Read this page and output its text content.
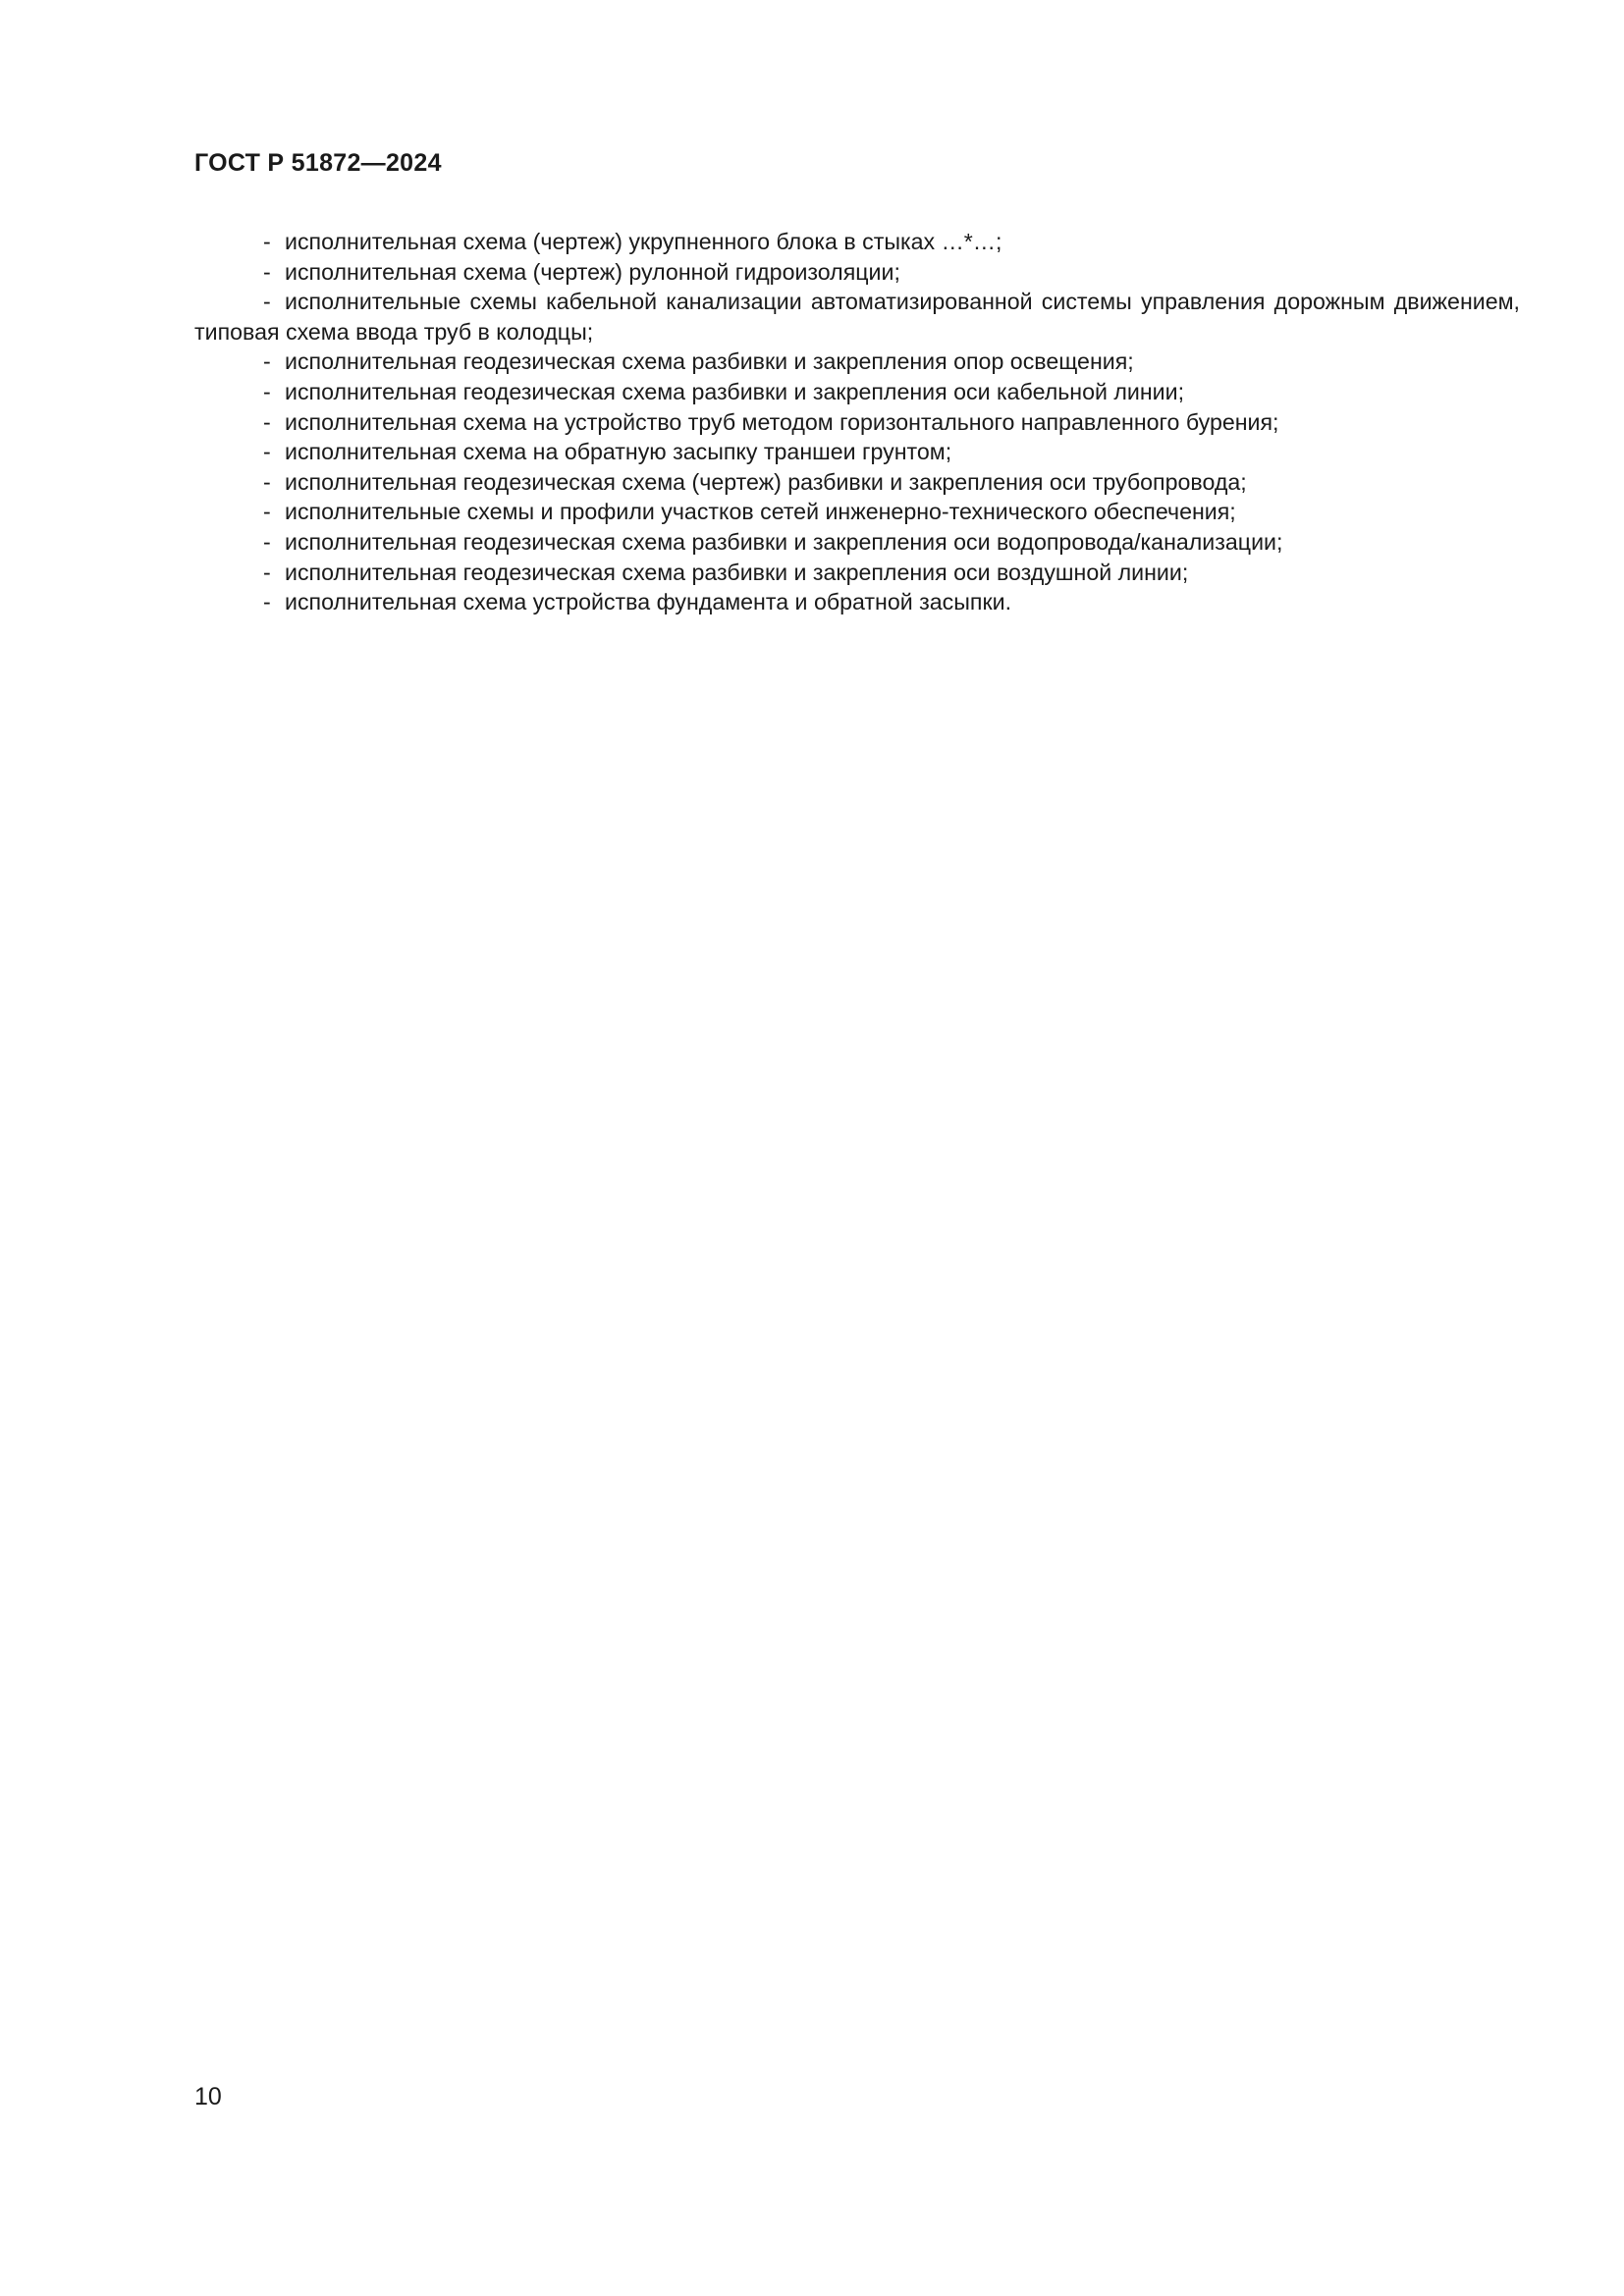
ГОСТ Р 51872—2024

- исполнительная схема (чертеж) укрупненного блока в стыках …*…;

- исполнительная схема (чертеж) рулонной гидроизоляции;

- исполнительные схемы кабельной канализации автоматизированной системы управления дорожным движением, типовая схема ввода труб в колодцы;

- исполнительная геодезическая схема разбивки и закрепления опор освещения;

- исполнительная геодезическая схема разбивки и закрепления оси кабельной линии;

- исполнительная схема на устройство труб методом горизонтального направленного бурения;

- исполнительная схема на обратную засыпку траншеи грунтом;

- исполнительная геодезическая схема (чертеж) разбивки и закрепления оси трубопровода;

- исполнительные схемы и профили участков сетей инженерно-технического обеспечения;

- исполнительная геодезическая схема разбивки и закрепления оси водопровода/канализации;

- исполнительная геодезическая схема разбивки и закрепления оси воздушной линии;

- исполнительная схема устройства фундамента и обратной засыпки.

10
